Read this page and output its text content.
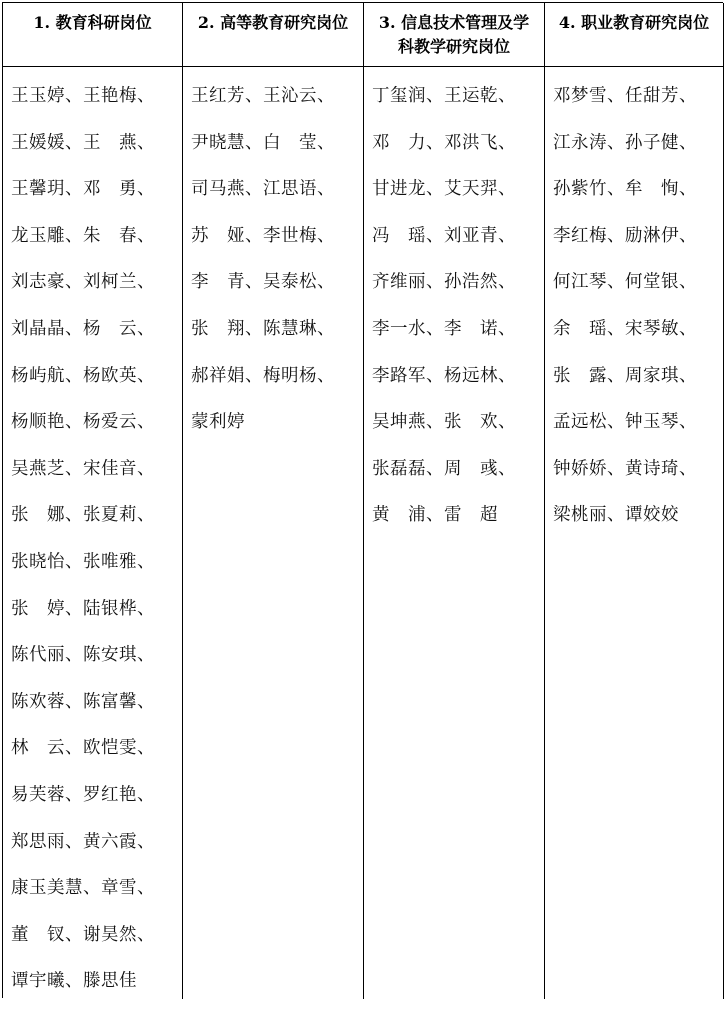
1. 教育科研岗位
王玉婷、王艳梅、
王媛媛、王　燕、
王馨玥、邓　勇、
龙玉雕、朱　春、
刘志豪、刘柯兰、
刘晶晶、杨　云、
杨屿航、杨欧英、
杨顺艳、杨爱云、
吴燕芝、宋佳音、
张　娜、张夏莉、
张晓怡、张唯雅、
张　婷、陆银桦、
陈代丽、陈安琪、
陈欢蓉、陈富馨、
林　云、欧恺雯、
易芙蓉、罗红艳、
郑思雨、黄六霞、
康玉美慧、章雪、
董　钗、谢昊然、
谭宇曦、滕思佳
2. 高等教育研究岗位
王红芳、王沁云、
尹晓慧、白　莹、
司马燕、江思语、
苏　娅、李世梅、
李　青、吴泰松、
张　翔、陈慧琳、
郝祥娟、梅明杨、
蒙利婷
3. 信息技术管理及学
科教学研究岗位
丁玺润、王运乾、
邓　力、邓洪飞、
甘进龙、艾天羿、
冯　瑶、刘亚青、
齐维丽、孙浩然、
李一水、李　诺、
李路军、杨远林、
吴坤燕、张　欢、
张磊磊、周　彧、
黄　浦、雷　超
4. 职业教育研究岗位
邓梦雪、任甜芳、
江永涛、孙子健、
孙紫竹、牟　恂、
李红梅、励淋伊、
何江琴、何堂银、
余　瑶、宋琴敏、
张　露、周家琪、
孟远松、钟玉琴、
钟娇娇、黄诗琦、
梁桃丽、谭姣姣
